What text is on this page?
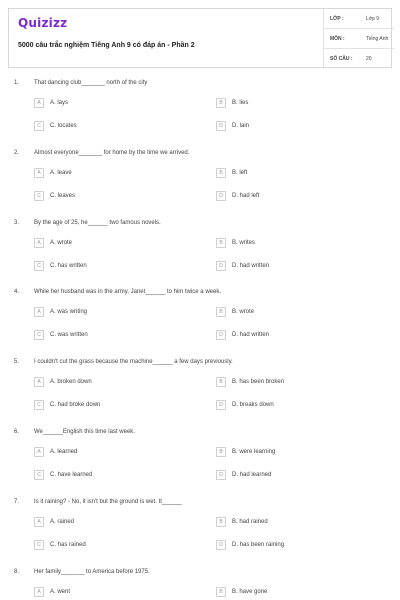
Quizizz
5000 câu trắc nghiệm Tiếng Anh 9 có đáp án - Phần 2
LỚP :	Lớp 9
MÔN :	Tiếng Anh
SỐ CÂU :	20
1. That dancing club_______ north of the city
A	A. lays	B	B. lies
C	C. locates	D	D. lain
2. Almost everyone_______ for home by the time we arrived.
A	A. leave	B	B. left
C	C. leaves	D	D. had left
3. By the age of 25, he______ two famous novels.
A	A. wrote	B	B. writes
C	C. has written	D	D. had written
4. While her husband was in the army, Janet______ to him twice a week.
A	A. was writing	B	B. wrote
C	C. was written	D	D. had written
5. I couldn't cut the grass because the machine______ a few days previously.
A	A. broken down	B	B. has been broken
C	C. had broke down	D	D. breaks down
6. We______English this time last week.
A	A. learned	B	B. were learning
C	C. have learned	D	D. had learned
7. Is it raining? - No, it isn't but the ground is wet. It______
A	A. rained	B	B. had rained
C	C. has rained	D	D. has been raining
8. Her family_______ to America before 1975.
A	A. went	B	B. have gone
